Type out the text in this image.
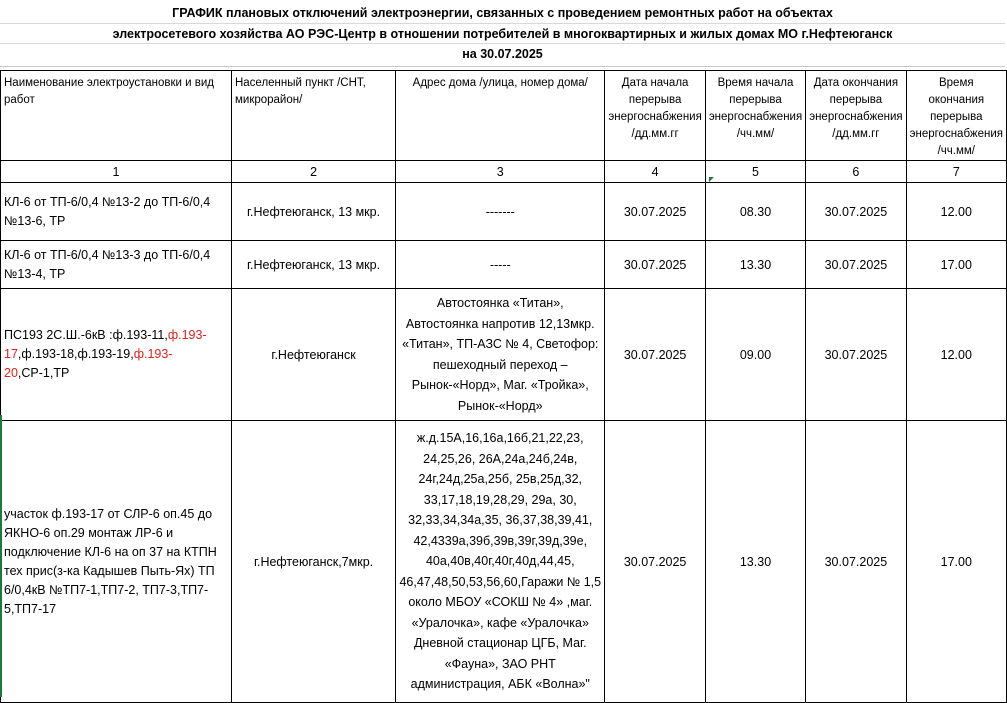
ГРАФИК плановых отключений электроэнергии, связанных с проведением ремонтных работ на объектах
электросетевого хозяйства АО РЭС-Центр в отношении потребителей в многоквартирных и жилых домах МО г.Нефтеюганск
на 30.07.2025
Наименование электроустановки и вид работ	Населенный пункт /СНТ, микрорайон/	Адрес дома /улица, номер дома/	Дата начала перерыва энергоснабжения /дд.мм.гг	Время начала перерыва энергоснабжения /чч.мм/	Дата окончания перерыва энергоснабжения /дд.мм.гг	Время окончания перерыва энергоснабжения /чч.мм/
1	2	3	4	5	6	7
КЛ-6 от ТП-6/0,4 №13-2 до ТП-6/0,4 №13-6, ТР	г.Нефтеюганск, 13 мкр.	-------	30.07.2025	08.30	30.07.2025	12.00
КЛ-6 от ТП-6/0,4 №13-3 до ТП-6/0,4 №13-4, ТР	г.Нефтеюганск, 13 мкр.	-----	30.07.2025	13.30	30.07.2025	17.00
ПС193 2С.Ш.-6кВ :ф.193-11,ф.193-17,ф.193-18,ф.193-19,ф.193-20,СР-1,ТР	г.Нефтеюганск	Автостоянка «Титан», Автостоянка напротив 12,13мкр. «Титан», ТП-АЗС № 4, Светофор: пешеходный переход – Рынок-«Норд», Маг. «Тройка», Рынок-«Норд»	30.07.2025	09.00	30.07.2025	12.00
участок ф.193-17 от СЛР-6 оп.45 до ЯКНО-6 оп.29 монтаж ЛР-6 и подключение КЛ-6 на оп 37 на КТПН тех прис(з-ка Кадышев Пыть-Ях) ТП 6/0,4кВ №ТП7-1,ТП7-2, ТП7-3,ТП7-5,ТП7-17	г.Нефтеюганск,7мкр.	ж.д.15А,16,16а,16б,21,22,23, 24,25,26, 26А,24а,24б,24в, 24г,24д,25а,25б, 25в,25д,32, 33,17,18,19,28,29, 29а, 30, 32,33,34,34а,35, 36,37,38,39,41, 42,4339а,39б,39в,39г,39д,39е, 40а,40в,40г,40г,40д,44,45, 46,47,48,50,53,56,60,Гаражи № 1,5 около МБОУ «СОКШ № 4» ,маг. «Уралочка», кафе «Уралочка» Дневной стационар ЦГБ, Маг. «Фауна», ЗАО РНТ администрация, АБК «Волна»"	30.07.2025	13.30	30.07.2025	17.00
